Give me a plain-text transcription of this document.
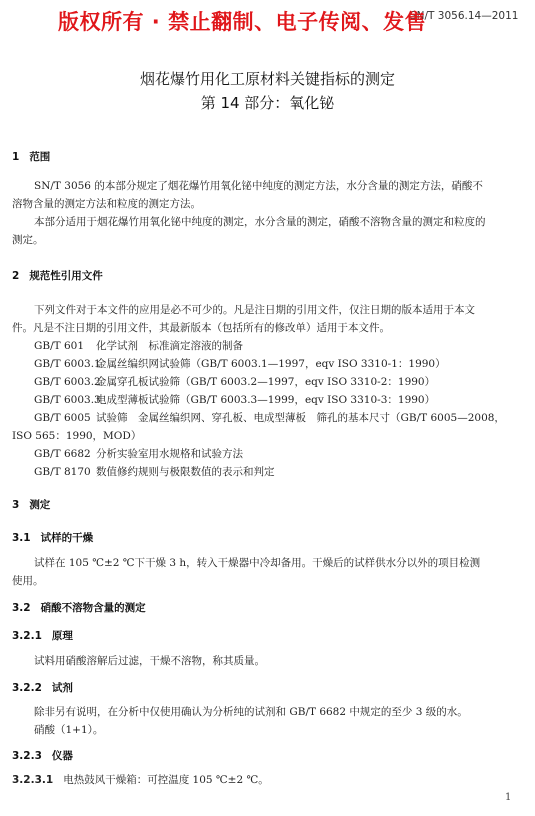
版权所有 · 禁止翻制、电子传阅、发售
SN/T 3056.14—2011
烟花爆竹用化工原材料关键指标的测定
第 14 部分：氧化铋
1 范围
SN/T 3056 的本部分规定了烟花爆竹用氧化铋中纯度的测定方法，水分含量的测定方法，硝酸不
溶物含量的测定方法和粒度的测定方法。
本部分适用于烟花爆竹用氧化铋中纯度的测定，水分含量的测定，硝酸不溶物含量的测定和粒度的
测定。
2 规范性引用文件
下列文件对于本文件的应用是必不可少的。凡是注日期的引用文件，仅注日期的版本适用于本文
件。凡是不注日期的引用文件，其最新版本（包括所有的修改单）适用于本文件。
GB/T 601 化学试剂　标准滴定溶液的制备
GB/T 6003.1金属丝编织网试验筛（GB/T 6003.1—1997，eqv ISO 3310-1：1990）
GB/T 6003.2金属穿孔板试验筛（GB/T 6003.2—1997，eqv ISO 3310-2：1990）
GB/T 6003.3电成型薄板试验筛（GB/T 6003.3—1999，eqv ISO 3310-3：1990）
GB/T 6005 试验筛　金属丝编织网、穿孔板、电成型薄板　筛孔的基本尺寸（GB/T 6005—2008，
ISO 565：1990，MOD）
GB/T 6682 分析实验室用水规格和试验方法
GB/T 8170 数值修约规则与极限数值的表示和判定
3 测定
3.1 试样的干燥
试样在 105 ℃±2 ℃下干燥 3 h，转入干燥器中冷却备用。干燥后的试样供水分以外的项目检测
使用。
3.2 硝酸不溶物含量的测定
3.2.1 原理
试料用硝酸溶解后过滤，干燥不溶物，称其质量。
3.2.2 试剂
除非另有说明，在分析中仅使用确认为分析纯的试剂和 GB/T 6682 中规定的至少 3 级的水。
硝酸（1+1）。
3.2.3 仪器
3.2.3.1 电热鼓风干燥箱：可控温度 105 ℃±2 ℃。
1
